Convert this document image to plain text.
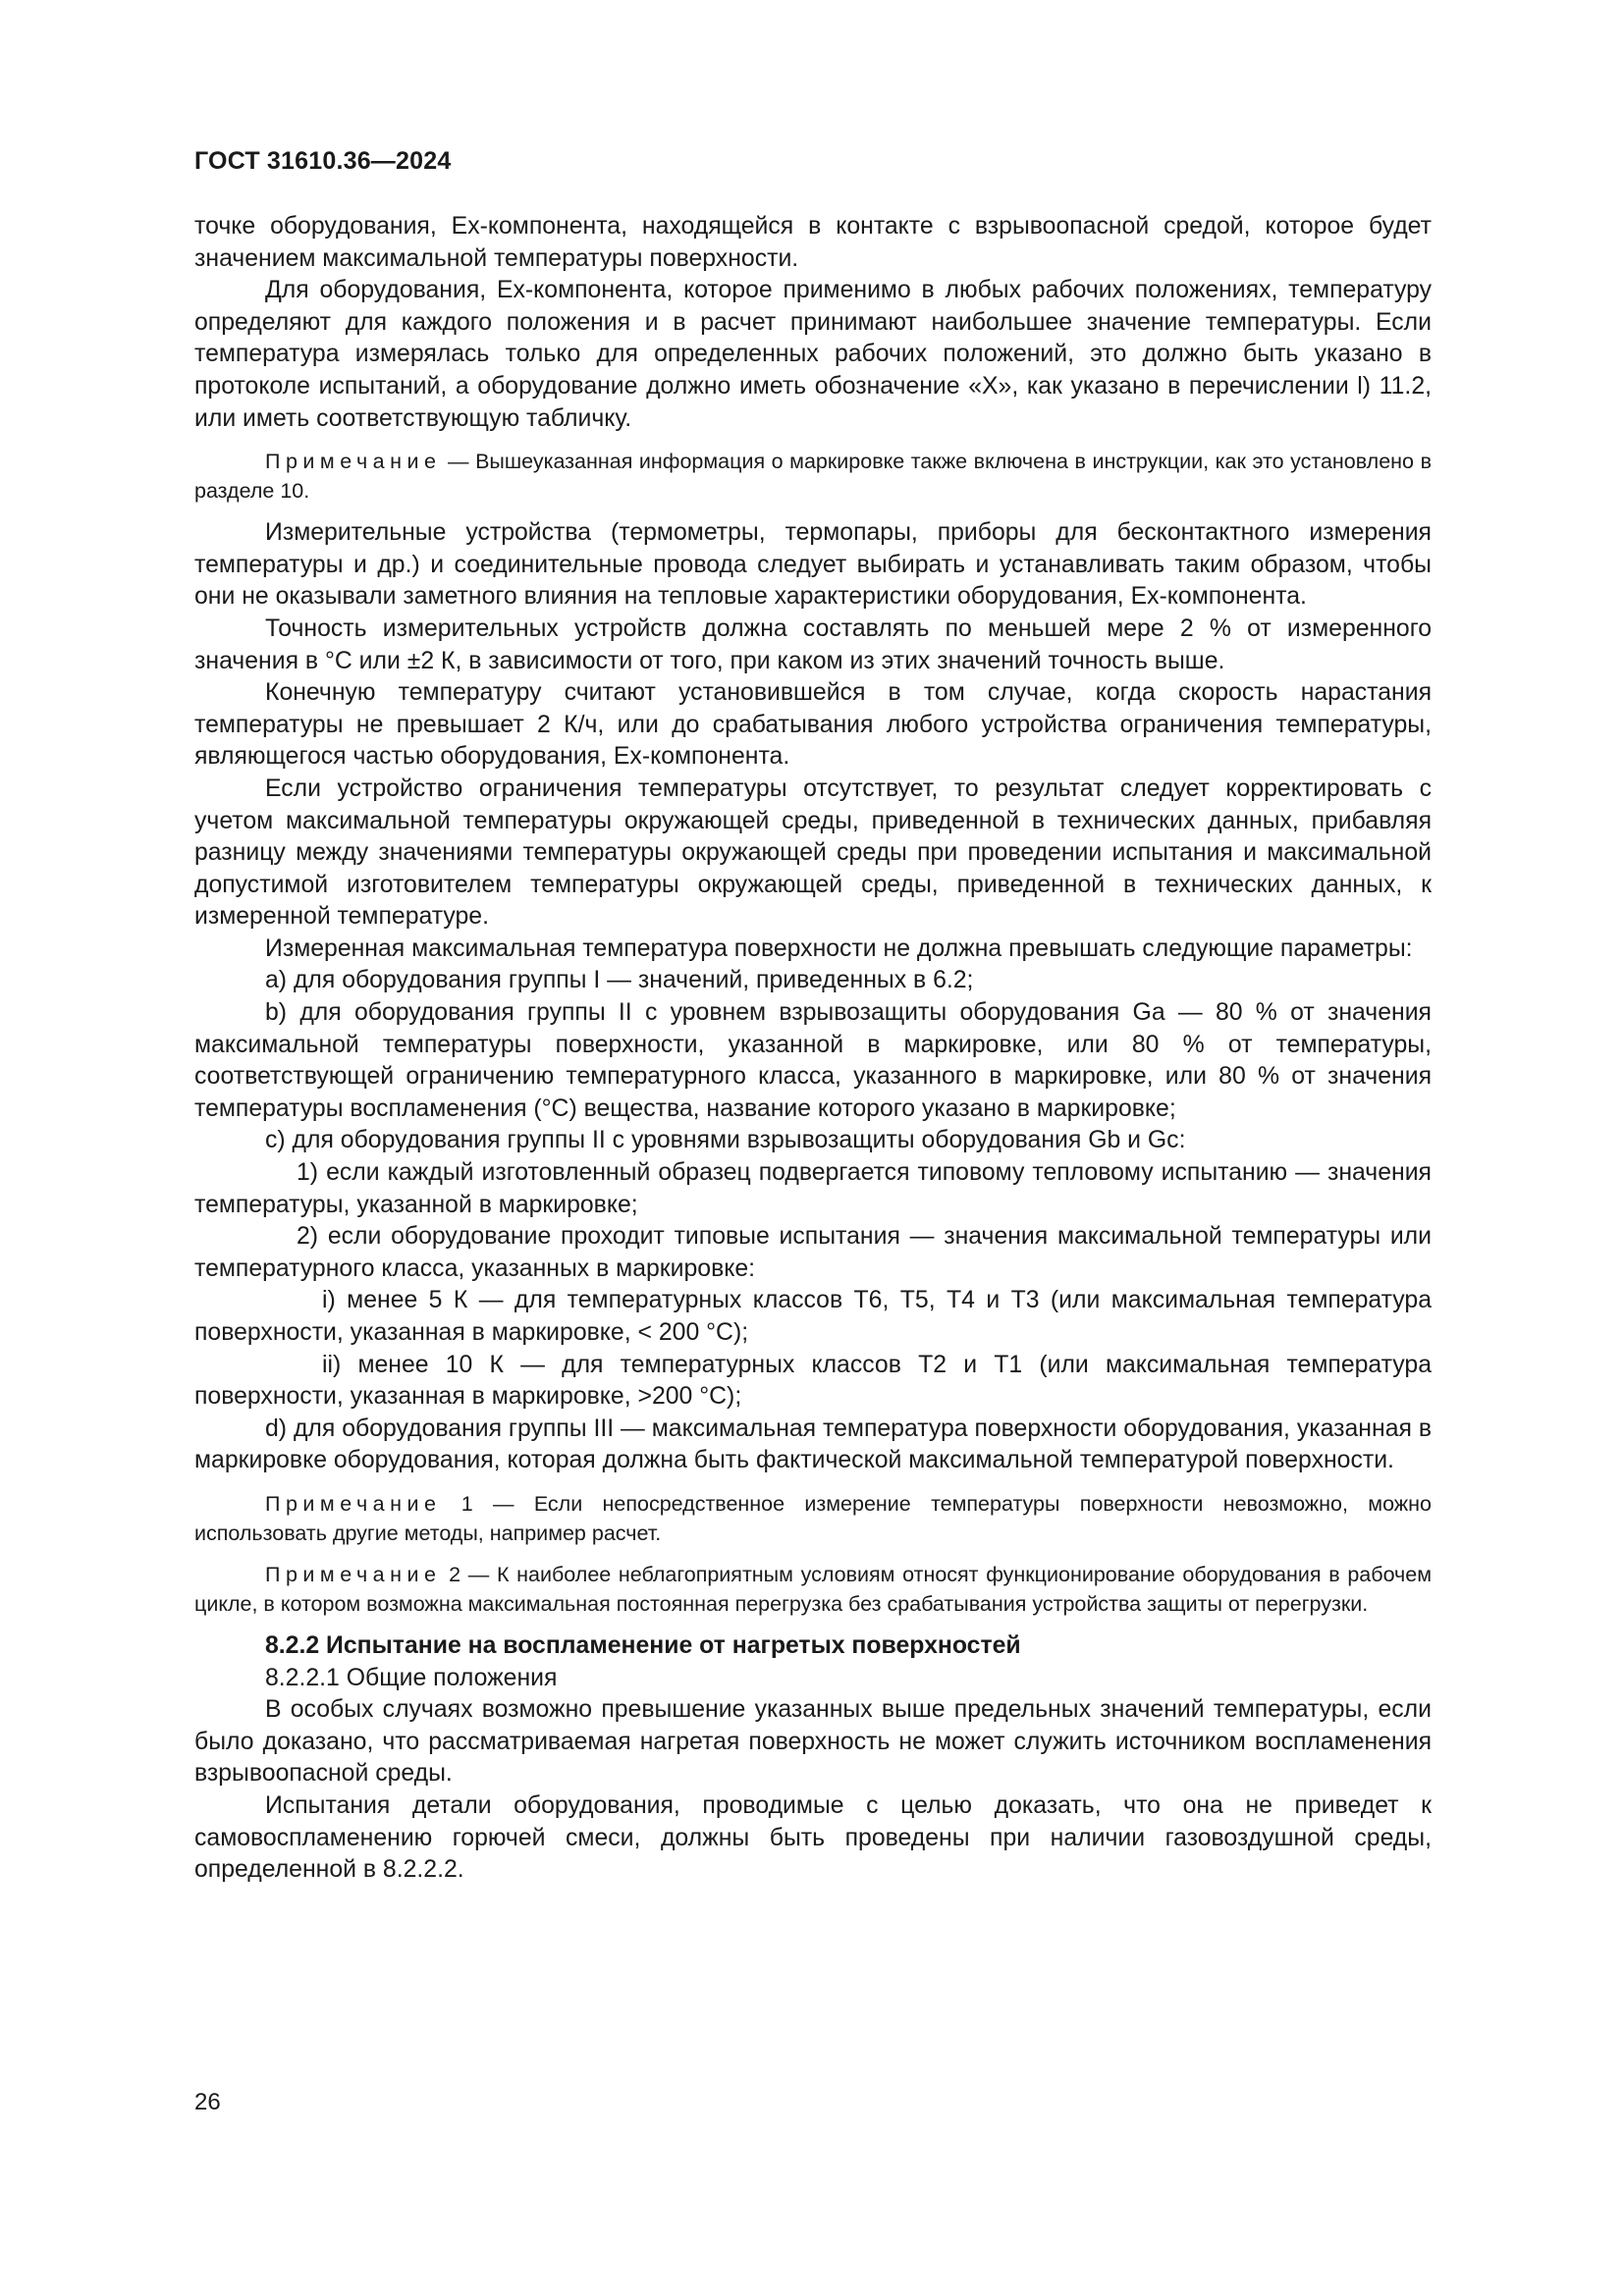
ГОСТ 31610.36—2024

точке оборудования, Ex-компонента, находящейся в контакте с взрывоопасной средой, которое будет значением максимальной температуры поверхности.

Для оборудования, Ex-компонента, которое применимо в любых рабочих положениях, температуру определяют для каждого положения и в расчет принимают наибольшее значение температуры. Если температура измерялась только для определенных рабочих положений, это должно быть указано в протоколе испытаний, а оборудование должно иметь обозначение «X», как указано в перечислении l) 11.2, или иметь соответствующую табличку.

Примечание — Вышеуказанная информация о маркировке также включена в инструкции, как это установлено в разделе 10.

Измерительные устройства (термометры, термопары, приборы для бесконтактного измерения температуры и др.) и соединительные провода следует выбирать и устанавливать таким образом, чтобы они не оказывали заметного влияния на тепловые характеристики оборудования, Ex-компонента.

Точность измерительных устройств должна составлять по меньшей мере 2 % от измеренного значения в °С или ±2 К, в зависимости от того, при каком из этих значений точность выше.

Конечную температуру считают установившейся в том случае, когда скорость нарастания температуры не превышает 2 К/ч, или до срабатывания любого устройства ограничения температуры, являющегося частью оборудования, Ex-компонента.

Если устройство ограничения температуры отсутствует, то результат следует корректировать с учетом максимальной температуры окружающей среды, приведенной в технических данных, прибавляя разницу между значениями температуры окружающей среды при проведении испытания и максимальной допустимой изготовителем температуры окружающей среды, приведенной в технических данных, к измеренной температуре.

Измеренная максимальная температура поверхности не должна превышать следующие параметры:

a) для оборудования группы I — значений, приведенных в 6.2;

b) для оборудования группы II с уровнем взрывозащиты оборудования Ga — 80 % от значения максимальной температуры поверхности, указанной в маркировке, или 80 % от температуры, соответствующей ограничению температурного класса, указанного в маркировке, или 80 % от значения температуры воспламенения (°С) вещества, название которого указано в маркировке;

c) для оборудования группы II с уровнями взрывозащиты оборудования Gb и Gc:

1) если каждый изготовленный образец подвергается типовому тепловому испытанию — значения температуры, указанной в маркировке;

2) если оборудование проходит типовые испытания — значения максимальной температуры или температурного класса, указанных в маркировке:

i) менее 5 К — для температурных классов Т6, Т5, Т4 и Т3 (или максимальная температура поверхности, указанная в маркировке, < 200 °С);

ii) менее 10 К — для температурных классов Т2 и Т1 (или максимальная температура поверхности, указанная в маркировке, >200 °С);

d) для оборудования группы III — максимальная температура поверхности оборудования, указанная в маркировке оборудования, которая должна быть фактической максимальной температурой поверхности.

Примечание 1 — Если непосредственное измерение температуры поверхности невозможно, можно использовать другие методы, например расчет.
Примечание 2 — К наиболее неблагоприятным условиям относят функционирование оборудования в рабочем цикле, в котором возможна максимальная постоянная перегрузка без срабатывания устройства защиты от перегрузки.

8.2.2 Испытание на воспламенение от нагретых поверхностей

8.2.2.1 Общие положения

В особых случаях возможно превышение указанных выше предельных значений температуры, если было доказано, что рассматриваемая нагретая поверхность не может служить источником воспламенения взрывоопасной среды.

Испытания детали оборудования, проводимые с целью доказать, что она не приведет к самовоспламенению горючей смеси, должны быть проведены при наличии газовоздушной среды, определенной в 8.2.2.2.

26
